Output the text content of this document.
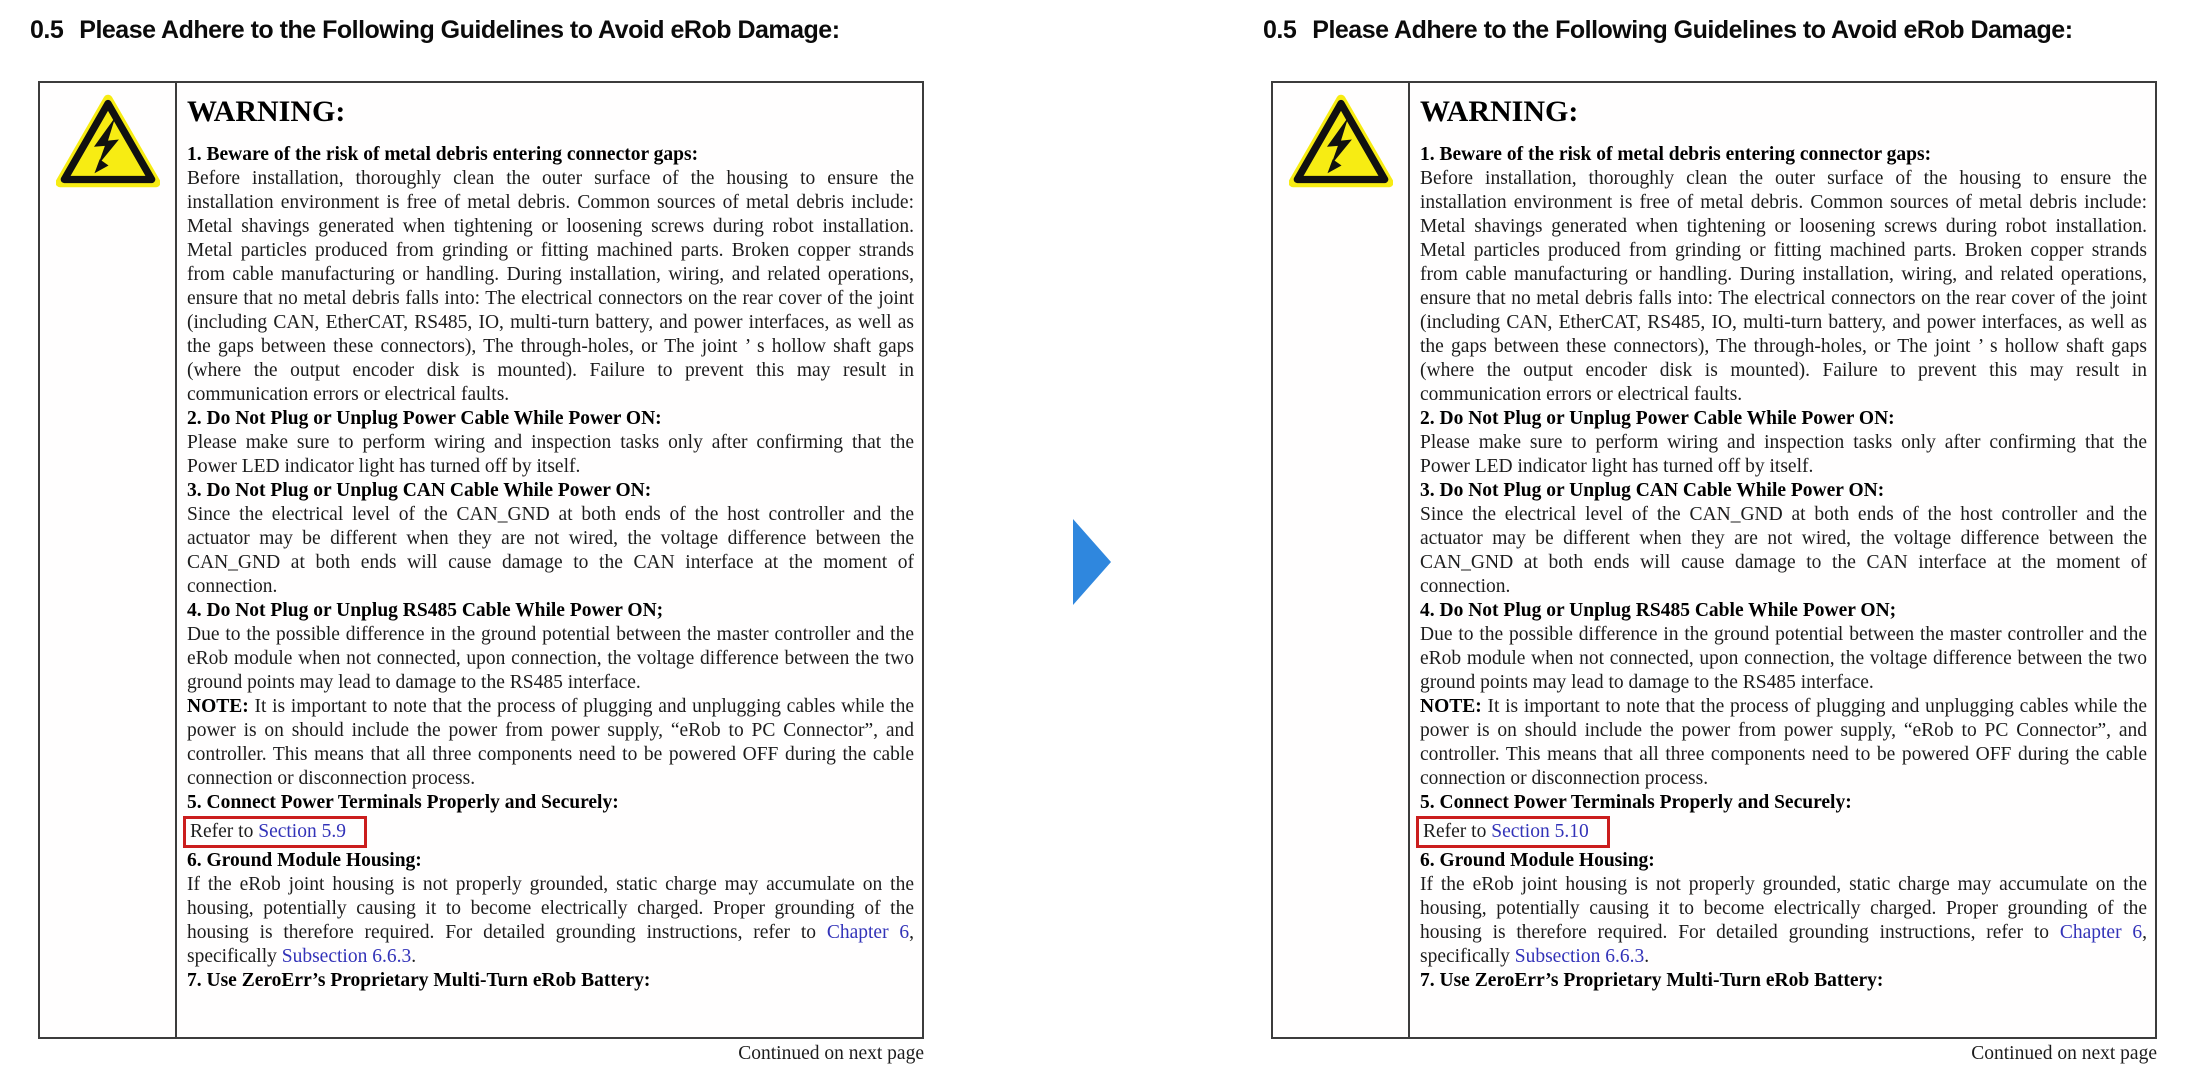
0.5 Please Adhere to the Following Guidelines to Avoid eRob Damage:
WARNING:
1. Beware of the risk of metal debris entering connector gaps:
Before installation, thoroughly clean the outer surface of the housing to ensure the installation environment is free of metal debris. Common sources of metal debris include: Metal shavings generated when tightening or loosening screws during robot installation. Metal particles produced from grinding or fitting machined parts. Broken copper strands from cable manufacturing or handling. During installation, wiring, and related operations, ensure that no metal debris falls into: The electrical connectors on the rear cover of the joint (including CAN, EtherCAT, RS485, IO, multi-turn battery, and power interfaces, as well as the gaps between these connectors), The through-holes, or The joint ’ s hollow shaft gaps (where the output encoder disk is mounted). Failure to prevent this may result in communication errors or electrical faults.
2. Do Not Plug or Unplug Power Cable While Power ON:
Please make sure to perform wiring and inspection tasks only after confirming that the Power LED indicator light has turned off by itself.
3. Do Not Plug or Unplug CAN Cable While Power ON:
Since the electrical level of the CAN_GND at both ends of the host controller and the actuator may be different when they are not wired, the voltage difference between the CAN_GND at both ends will cause damage to the CAN interface at the moment of connection.
4. Do Not Plug or Unplug RS485 Cable While Power ON;
Due to the possible difference in the ground potential between the master controller and the eRob module when not connected, upon connection, the voltage difference between the two ground points may lead to damage to the RS485 interface.
NOTE: It is important to note that the process of plugging and unplugging cables while the power is on should include the power from power supply, “eRob to PC Connector”, and controller. This means that all three components need to be powered OFF during the cable connection or disconnection process.
5. Connect Power Terminals Properly and Securely:
Refer to Section 5.9
6. Ground Module Housing:
If the eRob joint housing is not properly grounded, static charge may accumulate on the housing, potentially causing it to become electrically charged. Proper grounding of the housing is therefore required. For detailed grounding instructions, refer to Chapter 6, specifically Subsection 6.6.3.
7. Use ZeroErr’s Proprietary Multi-Turn eRob Battery:
Continued on next page
0.5 Please Adhere to the Following Guidelines to Avoid eRob Damage:
WARNING:
1. Beware of the risk of metal debris entering connector gaps:
Before installation, thoroughly clean the outer surface of the housing to ensure the installation environment is free of metal debris. Common sources of metal debris include: Metal shavings generated when tightening or loosening screws during robot installation. Metal particles produced from grinding or fitting machined parts. Broken copper strands from cable manufacturing or handling. During installation, wiring, and related operations, ensure that no metal debris falls into: The electrical connectors on the rear cover of the joint (including CAN, EtherCAT, RS485, IO, multi-turn battery, and power interfaces, as well as the gaps between these connectors), The through-holes, or The joint ’ s hollow shaft gaps (where the output encoder disk is mounted). Failure to prevent this may result in communication errors or electrical faults.
2. Do Not Plug or Unplug Power Cable While Power ON:
Please make sure to perform wiring and inspection tasks only after confirming that the Power LED indicator light has turned off by itself.
3. Do Not Plug or Unplug CAN Cable While Power ON:
Since the electrical level of the CAN_GND at both ends of the host controller and the actuator may be different when they are not wired, the voltage difference between the CAN_GND at both ends will cause damage to the CAN interface at the moment of connection.
4. Do Not Plug or Unplug RS485 Cable While Power ON;
Due to the possible difference in the ground potential between the master controller and the eRob module when not connected, upon connection, the voltage difference between the two ground points may lead to damage to the RS485 interface.
NOTE: It is important to note that the process of plugging and unplugging cables while the power is on should include the power from power supply, “eRob to PC Connector”, and controller. This means that all three components need to be powered OFF during the cable connection or disconnection process.
5. Connect Power Terminals Properly and Securely:
Refer to Section 5.10
6. Ground Module Housing:
If the eRob joint housing is not properly grounded, static charge may accumulate on the housing, potentially causing it to become electrically charged. Proper grounding of the housing is therefore required. For detailed grounding instructions, refer to Chapter 6, specifically Subsection 6.6.3.
7. Use ZeroErr’s Proprietary Multi-Turn eRob Battery:
Continued on next page
